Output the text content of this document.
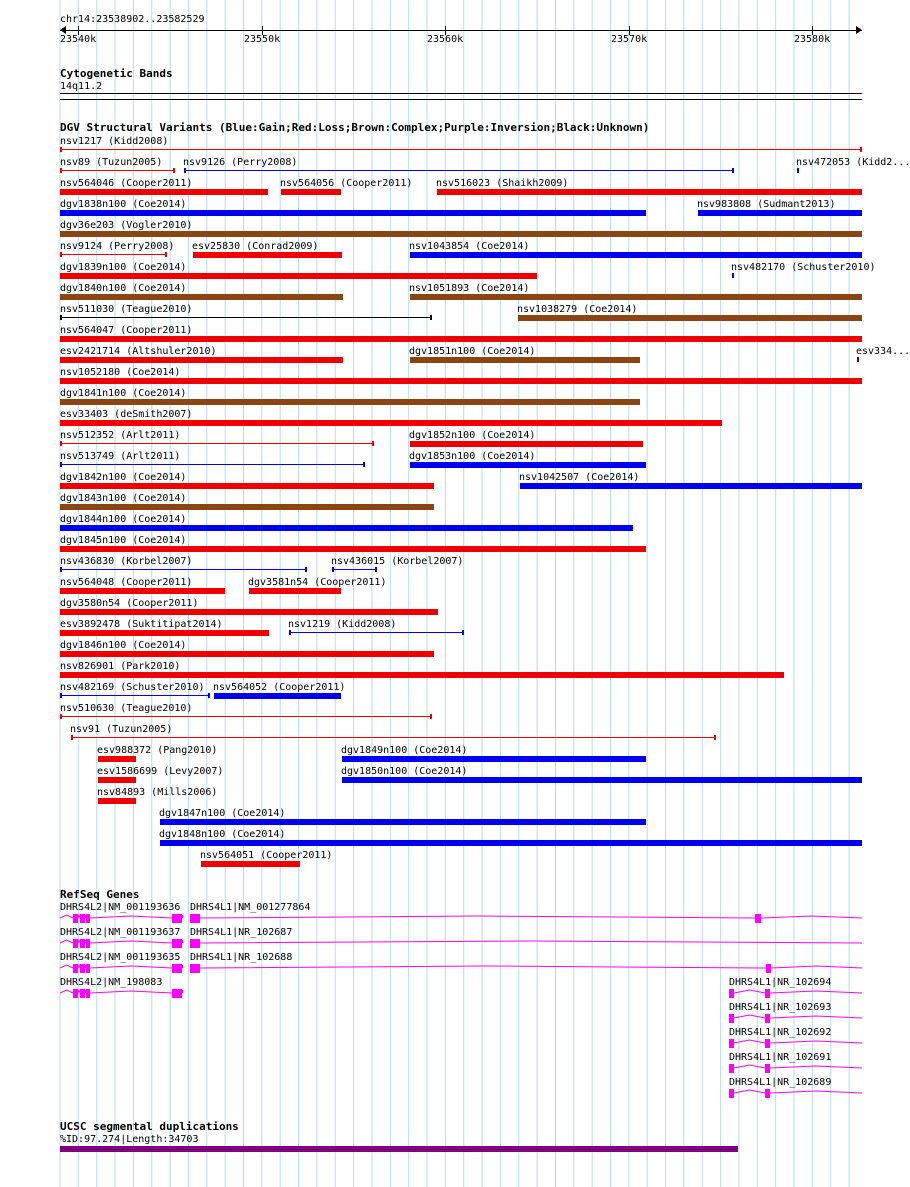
chr14:23538902..23582529
23540k	23550k	23560k	23570k	23580k
Cytogenetic Bands
14q11.2
DGV Structural Variants (Blue:Gain;Red:Loss;Brown:Complex;Purple:Inversion;Black:Unknown)
nsv1217 (Kidd2008)
nsv89 (Tuzun2005) nsv9126 (Perry2008)	nsv472053 (Kidd2...
nsv564046 (Cooper2011)	nsv564056 (Cooper2011) nsv516023 (Shaikh2009)
dgv1838n100 (Coe2014)	nsv983808 (Sudmant2013)
dgv36e203 (Vogler2010)
nsv9124 (Perry2008) esv25830 (Conrad2009)	nsv1043854 (Coe2014)
dgv1839n100 (Coe2014)	nsv482170 (Schuster2010)
dgv1840n100 (Coe2014)	nsv1051893 (Coe2014)
nsv511030 (Teague2010)	nsv1038279 (Coe2014)
nsv564047 (Cooper2011)
esv2421714 (Altshuler2010)	dgv1851n100 (Coe2014)	esv334...
nsv1052180 (Coe2014)
dgv1841n100 (Coe2014)
esv33403 (deSmith2007)
nsv512352 (Arlt2011)	dgv1852n100 (Coe2014)
nsv513749 (Arlt2011)	dgv1853n100 (Coe2014)
dgv1842n100 (Coe2014)	nsv1042507 (Coe2014)
dgv1843n100 (Coe2014)
dgv1844n100 (Coe2014)
dgv1845n100 (Coe2014)
nsv436830 (Korbel2007)	nsv436015 (Korbel2007)
nsv564048 (Cooper2011)	dgv3581n54 (Cooper2011)
dgv3580n54 (Cooper2011)
esv3892478 (Suktitipat2014)	nsv1219 (Kidd2008)
dgv1846n100 (Coe2014)
nsv826901 (Park2010)
nsv482169 (Schuster2010) nsv564052 (Cooper2011)
nsv510630 (Teague2010)
nsv91 (Tuzun2005)
esv988372 (Pang2010)	dgv1849n100 (Coe2014)
esv1586699 (Levy2007)	dgv1850n100 (Coe2014)
nsv84893 (Mills2006)
dgv1847n100 (Coe2014)
dgv1848n100 (Coe2014)
nsv564051 (Cooper2011)
RefSeq Genes
DHRS4L2|NM_001193636 DHRS4L1|NM_001277864
DHRS4L2|NM_001193637 DHRS4L1|NR_102687
DHRS4L2|NM_001193635 DHRS4L1|NR_102688
DHRS4L2|NM_198083	DHRS4L1|NR_102694
DHRS4L1|NR_102693
DHRS4L1|NR_102692
DHRS4L1|NR_102691
DHRS4L1|NR_102689
UCSC segmental duplications
%ID:97.274|Length:34703
